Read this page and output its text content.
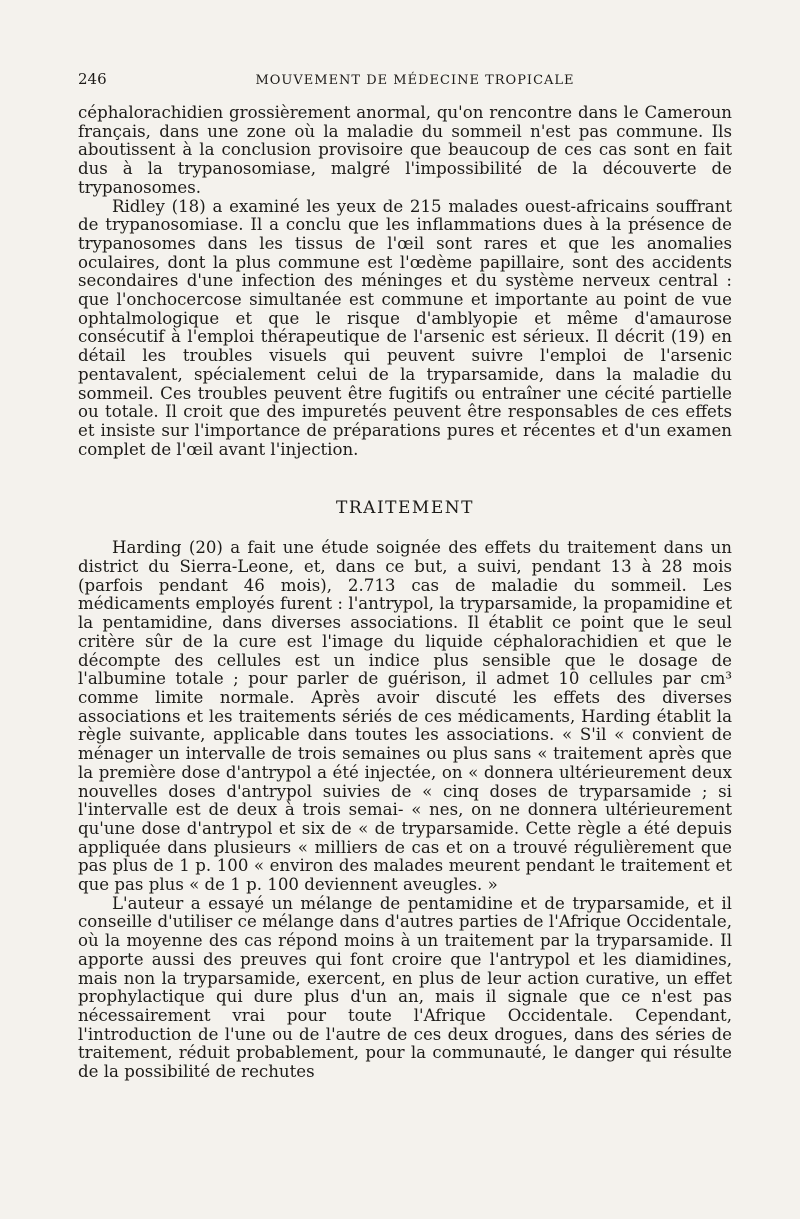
246	MOUVEMENT DE MÉDECINE TROPICALE

céphalorachidien grossièrement anormal, qu'on rencontre dans le Cameroun français, dans une zone où la maladie du sommeil n'est pas commune. Ils aboutissent à la conclusion provisoire que beaucoup de ces cas sont en fait dus à la trypanosomiase, malgré l'impossibilité de la découverte de trypanosomes.

Ridley (18) a examiné les yeux de 215 malades ouest-africains souffrant de trypanosomiase. Il a conclu que les inflammations dues à la présence de trypanosomes dans les tissus de l'œil sont rares et que les anomalies oculaires, dont la plus commune est l'œdème papillaire, sont des accidents secondaires d'une infection des méninges et du système nerveux central : que l'onchocercose simultanée est commune et importante au point de vue ophtalmologique et que le risque d'amblyopie et même d'amaurose consécutif à l'emploi thérapeutique de l'arsenic est sérieux. Il décrit (19) en détail les troubles visuels qui peuvent suivre l'emploi de l'arsenic pentavalent, spécialement celui de la tryparsamide, dans la maladie du sommeil. Ces troubles peuvent être fugitifs ou entraîner une cécité partielle ou totale. Il croit que des impuretés peuvent être responsables de ces effets et insiste sur l'importance de préparations pures et récentes et d'un examen complet de l'œil avant l'injection.

TRAITEMENT

Harding (20) a fait une étude soignée des effets du traitement dans un district du Sierra-Leone, et, dans ce but, a suivi, pendant 13 à 28 mois (parfois pendant 46 mois), 2.713 cas de maladie du sommeil. Les médicaments employés furent : l'antrypol, la tryparsamide, la propamidine et la pentamidine, dans diverses associations. Il établit ce point que le seul critère sûr de la cure est l'image du liquide céphalorachidien et que le décompte des cellules est un indice plus sensible que le dosage de l'albumine totale ; pour parler de guérison, il admet 10 cellules par cm³ comme limite normale. Après avoir discuté les effets des diverses associations et les traitements sériés de ces médicaments, Harding établit la règle suivante, applicable dans toutes les associations. « S'il « convient de ménager un intervalle de trois semaines ou plus sans « traitement après que la première dose d'antrypol a été injectée, on « donnera ultérieurement deux nouvelles doses d'antrypol suivies de « cinq doses de tryparsamide ; si l'intervalle est de deux à trois semai- « nes, on ne donnera ultérieurement qu'une dose d'antrypol et six de « de tryparsamide. Cette règle a été depuis appliquée dans plusieurs « milliers de cas et on a trouvé régulièrement que pas plus de 1 p. 100 « environ des malades meurent pendant le traitement et que pas plus « de 1 p. 100 deviennent aveugles. »

L'auteur a essayé un mélange de pentamidine et de tryparsamide, et il conseille d'utiliser ce mélange dans d'autres parties de l'Afrique Occidentale, où la moyenne des cas répond moins à un traitement par la tryparsamide. Il apporte aussi des preuves qui font croire que l'antrypol et les diamidines, mais non la tryparsamide, exercent, en plus de leur action curative, un effet prophylactique qui dure plus d'un an, mais il signale que ce n'est pas nécessairement vrai pour toute l'Afrique Occidentale. Cependant, l'introduction de l'une ou de l'autre de ces deux drogues, dans des séries de traitement, réduit probablement, pour la communauté, le danger qui résulte de la possibilité de rechutes
